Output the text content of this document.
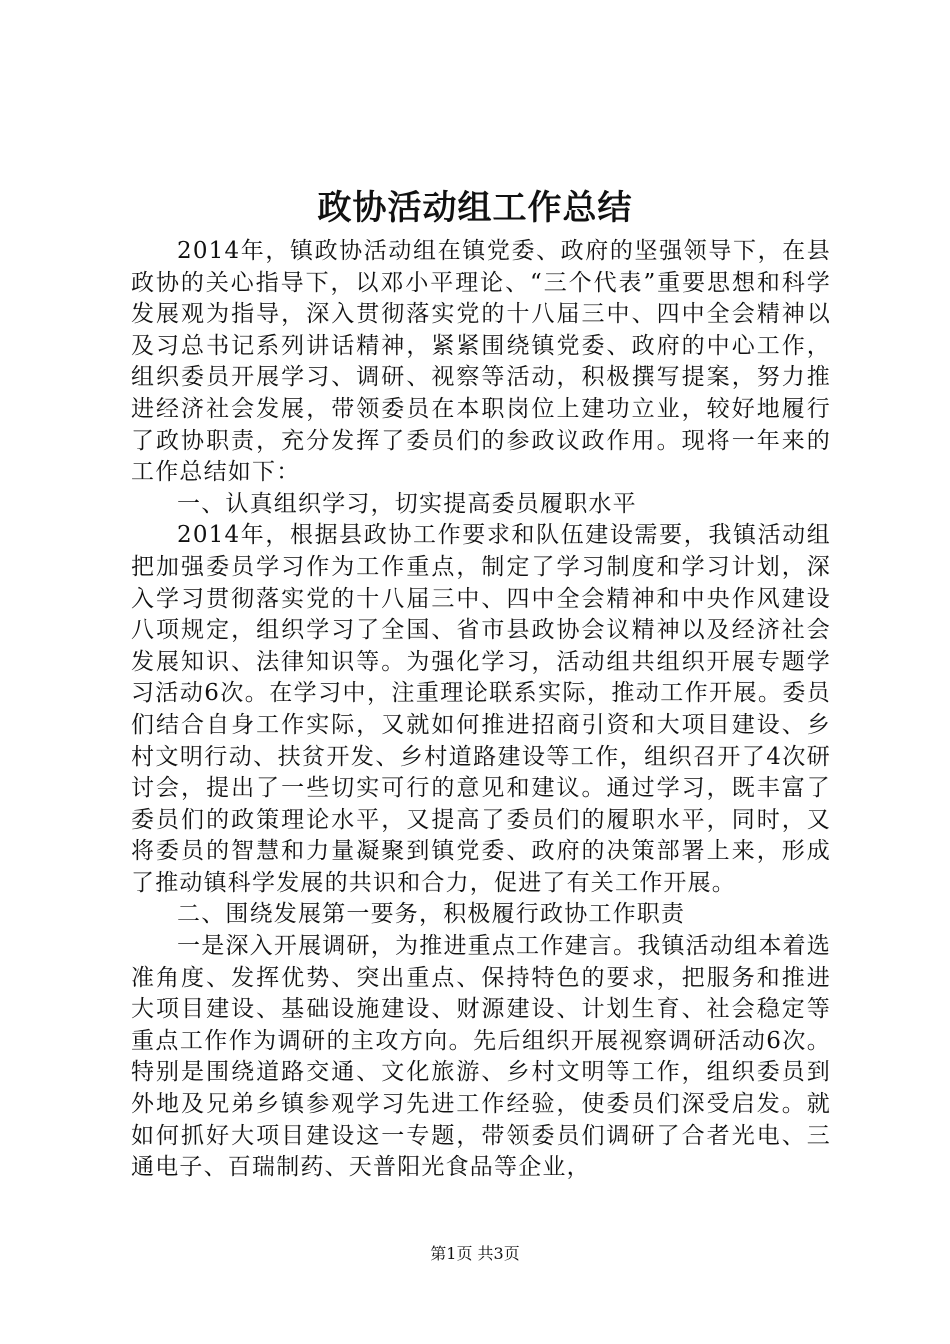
政协活动组工作总结

2014年，镇政协活动组在镇党委、政府的坚强领导下，在县政协的关心指导下，以邓小平理论、“三个代表”重要思想和科学发展观为指导，深入贯彻落实党的十八届三中、四中全会精神以及习总书记系列讲话精神，紧紧围绕镇党委、政府的中心工作，组织委员开展学习、调研、视察等活动，积极撰写提案，努力推进经济社会发展，带领委员在本职岗位上建功立业，较好地履行了政协职责，充分发挥了委员们的参政议政作用。现将一年来的工作总结如下：

一、认真组织学习，切实提高委员履职水平

2014年，根据县政协工作要求和队伍建设需要，我镇活动组把加强委员学习作为工作重点，制定了学习制度和学习计划，深入学习贯彻落实党的十八届三中、四中全会精神和中央作风建设八项规定，组织学习了全国、省市县政协会议精神以及经济社会发展知识、法律知识等。为强化学习，活动组共组织开展专题学习活动6次。在学习中，注重理论联系实际，推动工作开展。委员们结合自身工作实际，又就如何推进招商引资和大项目建设、乡村文明行动、扶贫开发、乡村道路建设等工作，组织召开了4次研讨会，提出了一些切实可行的意见和建议。通过学习，既丰富了委员们的政策理论水平，又提高了委员们的履职水平，同时，又将委员的智慧和力量凝聚到镇党委、政府的决策部署上来，形成了推动镇科学发展的共识和合力，促进了有关工作开展。

二、围绕发展第一要务，积极履行政协工作职责

一是深入开展调研，为推进重点工作建言。我镇活动组本着选准角度、发挥优势、突出重点、保持特色的要求，把服务和推进大项目建设、基础设施建设、财源建设、计划生育、社会稳定等重点工作作为调研的主攻方向。先后组织开展视察调研活动6次。特别是围绕道路交通、文化旅游、乡村文明等工作，组织委员到外地及兄弟乡镇参观学习先进工作经验，使委员们深受启发。就如何抓好大项目建设这一专题，带领委员们调研了合者光电、三通电子、百瑞制药、天普阳光食品等企业，

第1页 共3页
